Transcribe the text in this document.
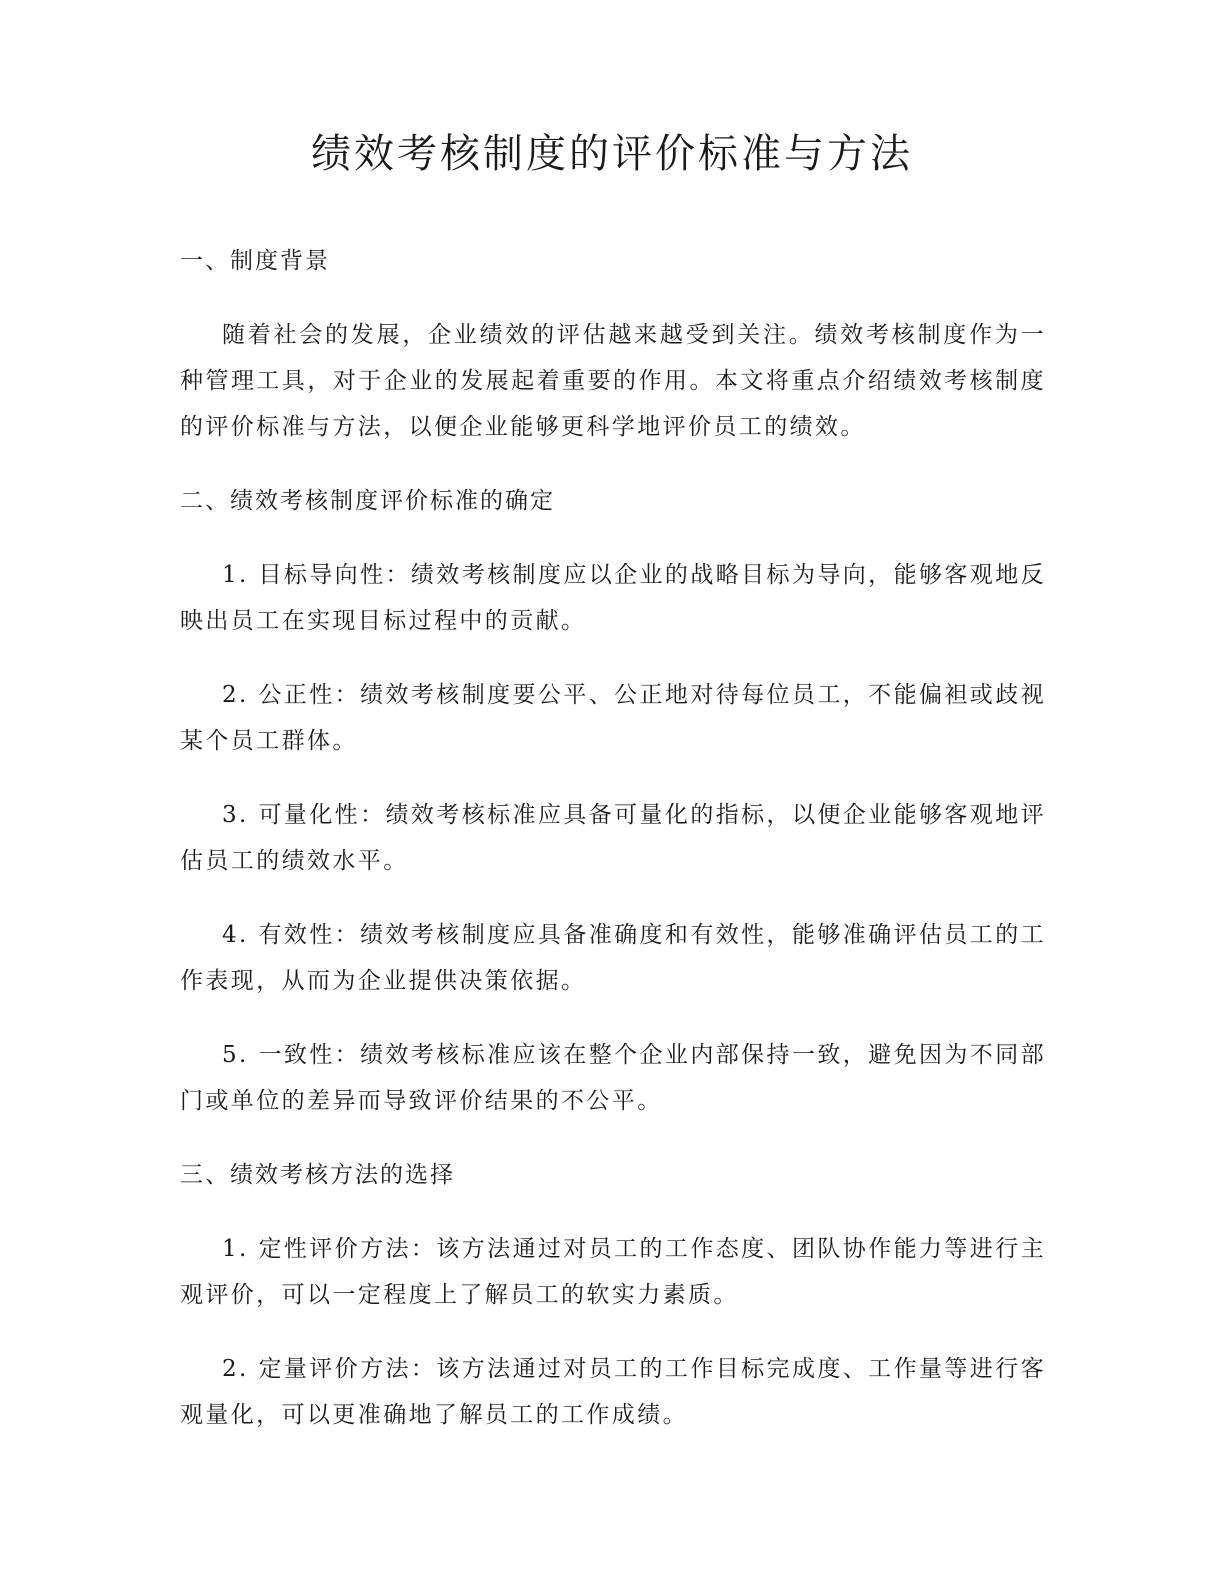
绩效考核制度的评价标准与方法
一、制度背景

随着社会的发展，企业绩效的评估越来越受到关注。绩效考核制度作为一种管理工具，对于企业的发展起着重要的作用。本文将重点介绍绩效考核制度的评价标准与方法，以便企业能够更科学地评价员工的绩效。

二、绩效考核制度评价标准的确定

1. 目标导向性：绩效考核制度应以企业的战略目标为导向，能够客观地反映出员工在实现目标过程中的贡献。

2. 公正性：绩效考核制度要公平、公正地对待每位员工，不能偏袒或歧视某个员工群体。

3. 可量化性：绩效考核标准应具备可量化的指标，以便企业能够客观地评估员工的绩效水平。

4. 有效性：绩效考核制度应具备准确度和有效性，能够准确评估员工的工作表现，从而为企业提供决策依据。

5. 一致性：绩效考核标准应该在整个企业内部保持一致，避免因为不同部门或单位的差异而导致评价结果的不公平。

三、绩效考核方法的选择

1. 定性评价方法：该方法通过对员工的工作态度、团队协作能力等进行主观评价，可以一定程度上了解员工的软实力素质。

2. 定量评价方法：该方法通过对员工的工作目标完成度、工作量等进行客观量化，可以更准确地了解员工的工作成绩。
